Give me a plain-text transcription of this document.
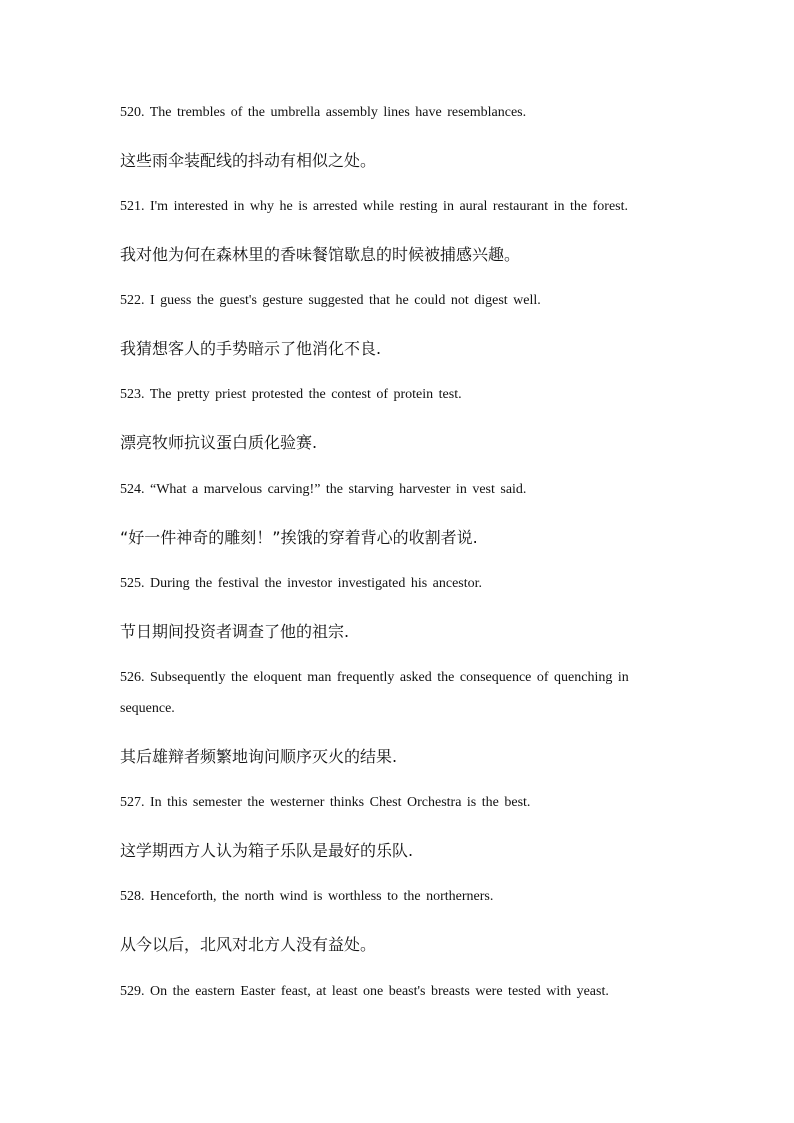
520. The trembles of the umbrella assembly lines have resemblances.
这些雨伞装配线的抖动有相似之处。
521. I'm interested in why he is arrested while resting in aural restaurant in the forest.
我对他为何在森林里的香味餐馆歇息的时候被捕感兴趣。
522. I guess the guest's gesture suggested that he could not digest well.
我猜想客人的手势暗示了他消化不良.
523. The pretty priest protested the contest of protein test.
漂亮牧师抗议蛋白质化验赛.
524. “What a marvelous carving!” the starving harvester in vest said.
“好一件神奇的雕刻！”挨饿的穿着背心的收割者说.
525. During the festival the investor investigated his ancestor.
节日期间投资者调查了他的祖宗.
526. Subsequently the eloquent man frequently asked the consequence of quenching in
sequence.
其后雄辩者频繁地询问顺序灭火的结果.
527. In this semester the westerner thinks Chest Orchestra is the best.
这学期西方人认为箱子乐队是最好的乐队.
528. Henceforth, the north wind is worthless to the northerners.
从今以后，北风对北方人没有益处。
529. On the eastern Easter feast, at least one beast's breasts were tested with yeast.
